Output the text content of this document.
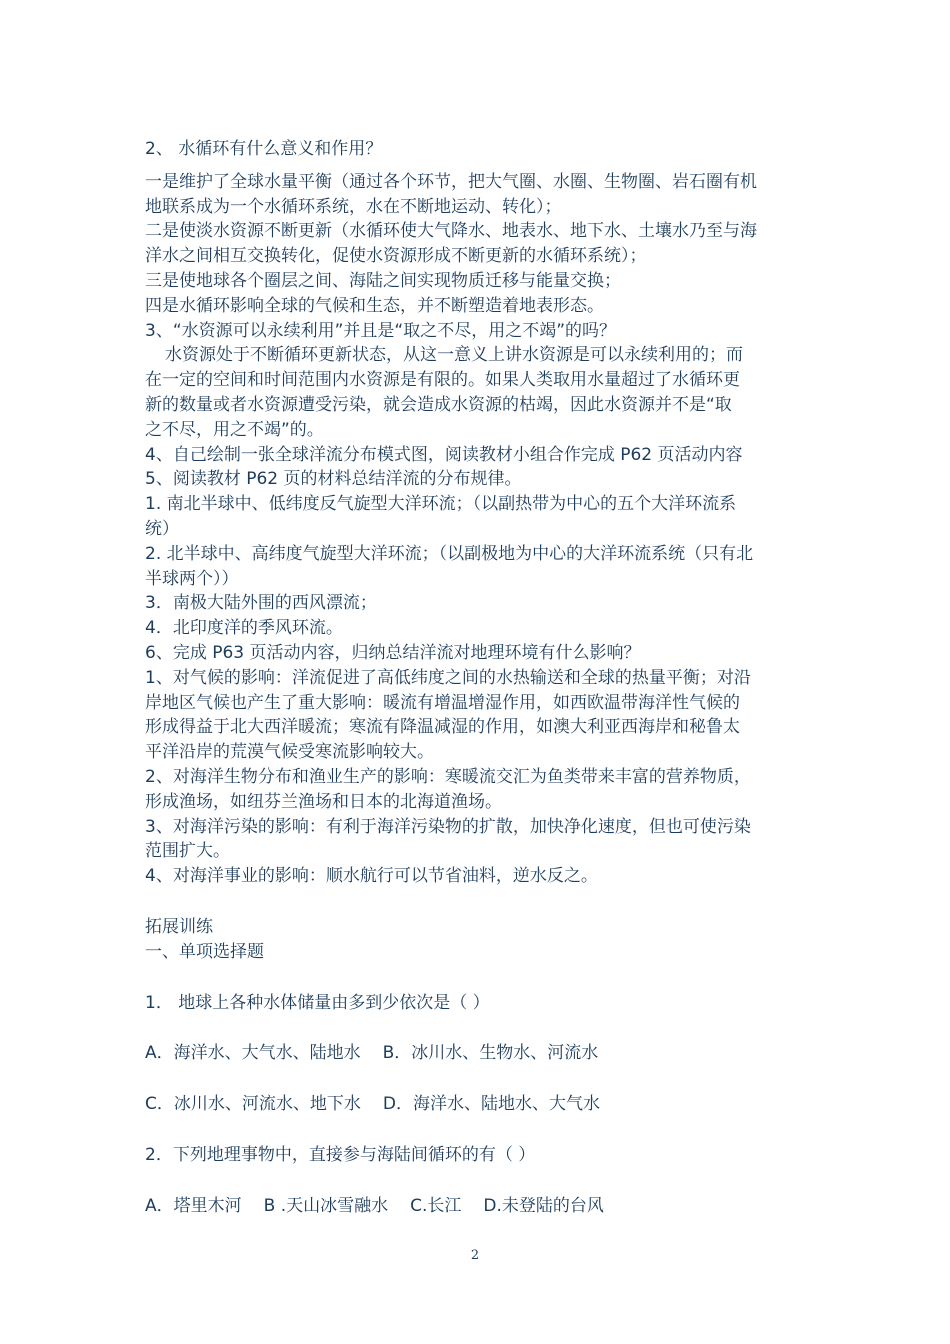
2、 水循环有什么意义和作用？
一是维护了全球水量平衡（通过各个环节，把大气圈、水圈、生物圈、岩石圈有机
地联系成为一个水循环系统，水在不断地运动、转化）；
二是使淡水资源不断更新（水循环使大气降水、地表水、地下水、土壤水乃至与海
洋水之间相互交换转化，促使水资源形成不断更新的水循环系统）；
三是使地球各个圈层之间、海陆之间实现物质迁移与能量交换；
四是水循环影响全球的气候和生态，并不断塑造着地表形态。
3、“水资源可以永续利用”并且是“取之不尽，用之不竭”的吗？
水资源处于不断循环更新状态，从这一意义上讲水资源是可以永续利用的；而
在一定的空间和时间范围内水资源是有限的。如果人类取用水量超过了水循环更
新的数量或者水资源遭受污染，就会造成水资源的枯竭，因此水资源并不是“取
之不尽，用之不竭”的。
4、自己绘制一张全球洋流分布模式图，阅读教材小组合作完成 P62 页活动内容
5、阅读教材 P62 页的材料总结洋流的分布规律。
1. 南北半球中、低纬度反气旋型大洋环流；（以副热带为中心的五个大洋环流系
统）
2. 北半球中、高纬度气旋型大洋环流；（以副极地为中心的大洋环流系统（只有北
半球两个））
3．南极大陆外围的西风漂流；
4．北印度洋的季风环流。
6、完成 P63 页活动内容，归纳总结洋流对地理环境有什么影响？
1、对气候的影响：洋流促进了高低纬度之间的水热输送和全球的热量平衡；对沿
岸地区气候也产生了重大影响：暖流有增温增湿作用，如西欧温带海洋性气候的
形成得益于北大西洋暖流；寒流有降温减湿的作用，如澳大利亚西海岸和秘鲁太
平洋沿岸的荒漠气候受寒流影响较大。
2、对海洋生物分布和渔业生产的影响：寒暖流交汇为鱼类带来丰富的营养物质，
形成渔场，如纽芬兰渔场和日本的北海道渔场。
3、对海洋污染的影响：有利于海洋污染物的扩散，加快净化速度，但也可使污染
范围扩大。
4、对海洋事业的影响：顺水航行可以节省油料，逆水反之。
拓展训练
一、单项选择题
1． 地球上各种水体储量由多到少依次是（ ）
A．海洋水、大气水、陆地水 B．冰川水、生物水、河流水
C．冰川水、河流水、地下水 D．海洋水、陆地水、大气水
2．下列地理事物中，直接参与海陆间循环的有（ ）
A．塔里木河 B .天山冰雪融水 C.长江 D.未登陆的台风
2
